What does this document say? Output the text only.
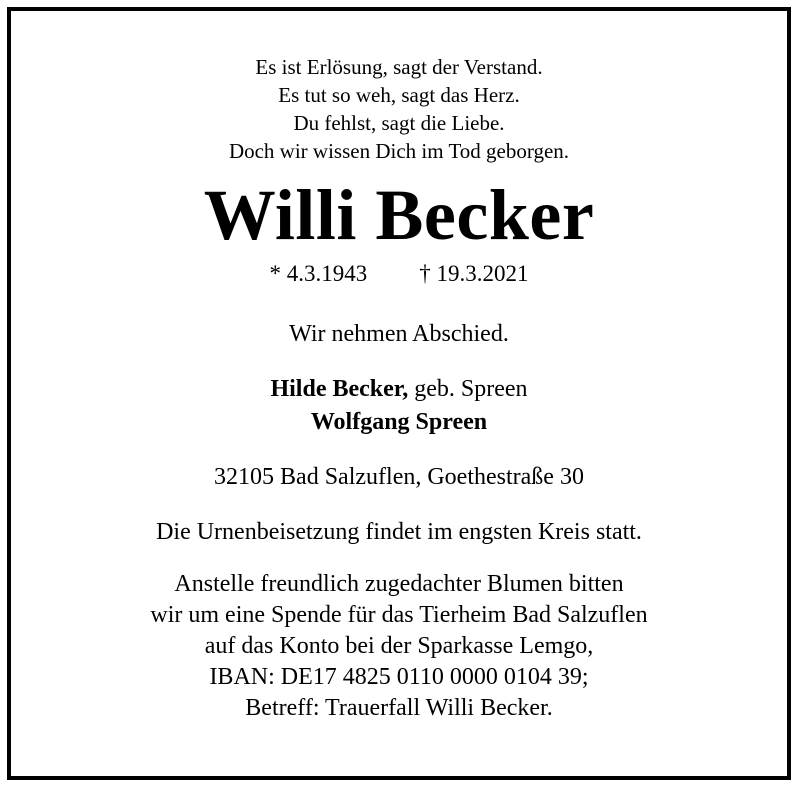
Es ist Erlösung, sagt der Verstand.
Es tut so weh, sagt das Herz.
Du fehlst, sagt die Liebe.
Doch wir wissen Dich im Tod geborgen.
Willi Becker
* 4.3.1943 † 19.3.2021
Wir nehmen Abschied.
Hilde Becker, geb. Spreen
Wolfgang Spreen
32105 Bad Salzuflen, Goethestraße 30
Die Urnenbeisetzung findet im engsten Kreis statt.
Anstelle freundlich zugedachter Blumen bitten
wir um eine Spende für das Tierheim Bad Salzuflen
auf das Konto bei der Sparkasse Lemgo,
IBAN: DE17 4825 0110 0000 0104 39;
Betreff: Trauerfall Willi Becker.
